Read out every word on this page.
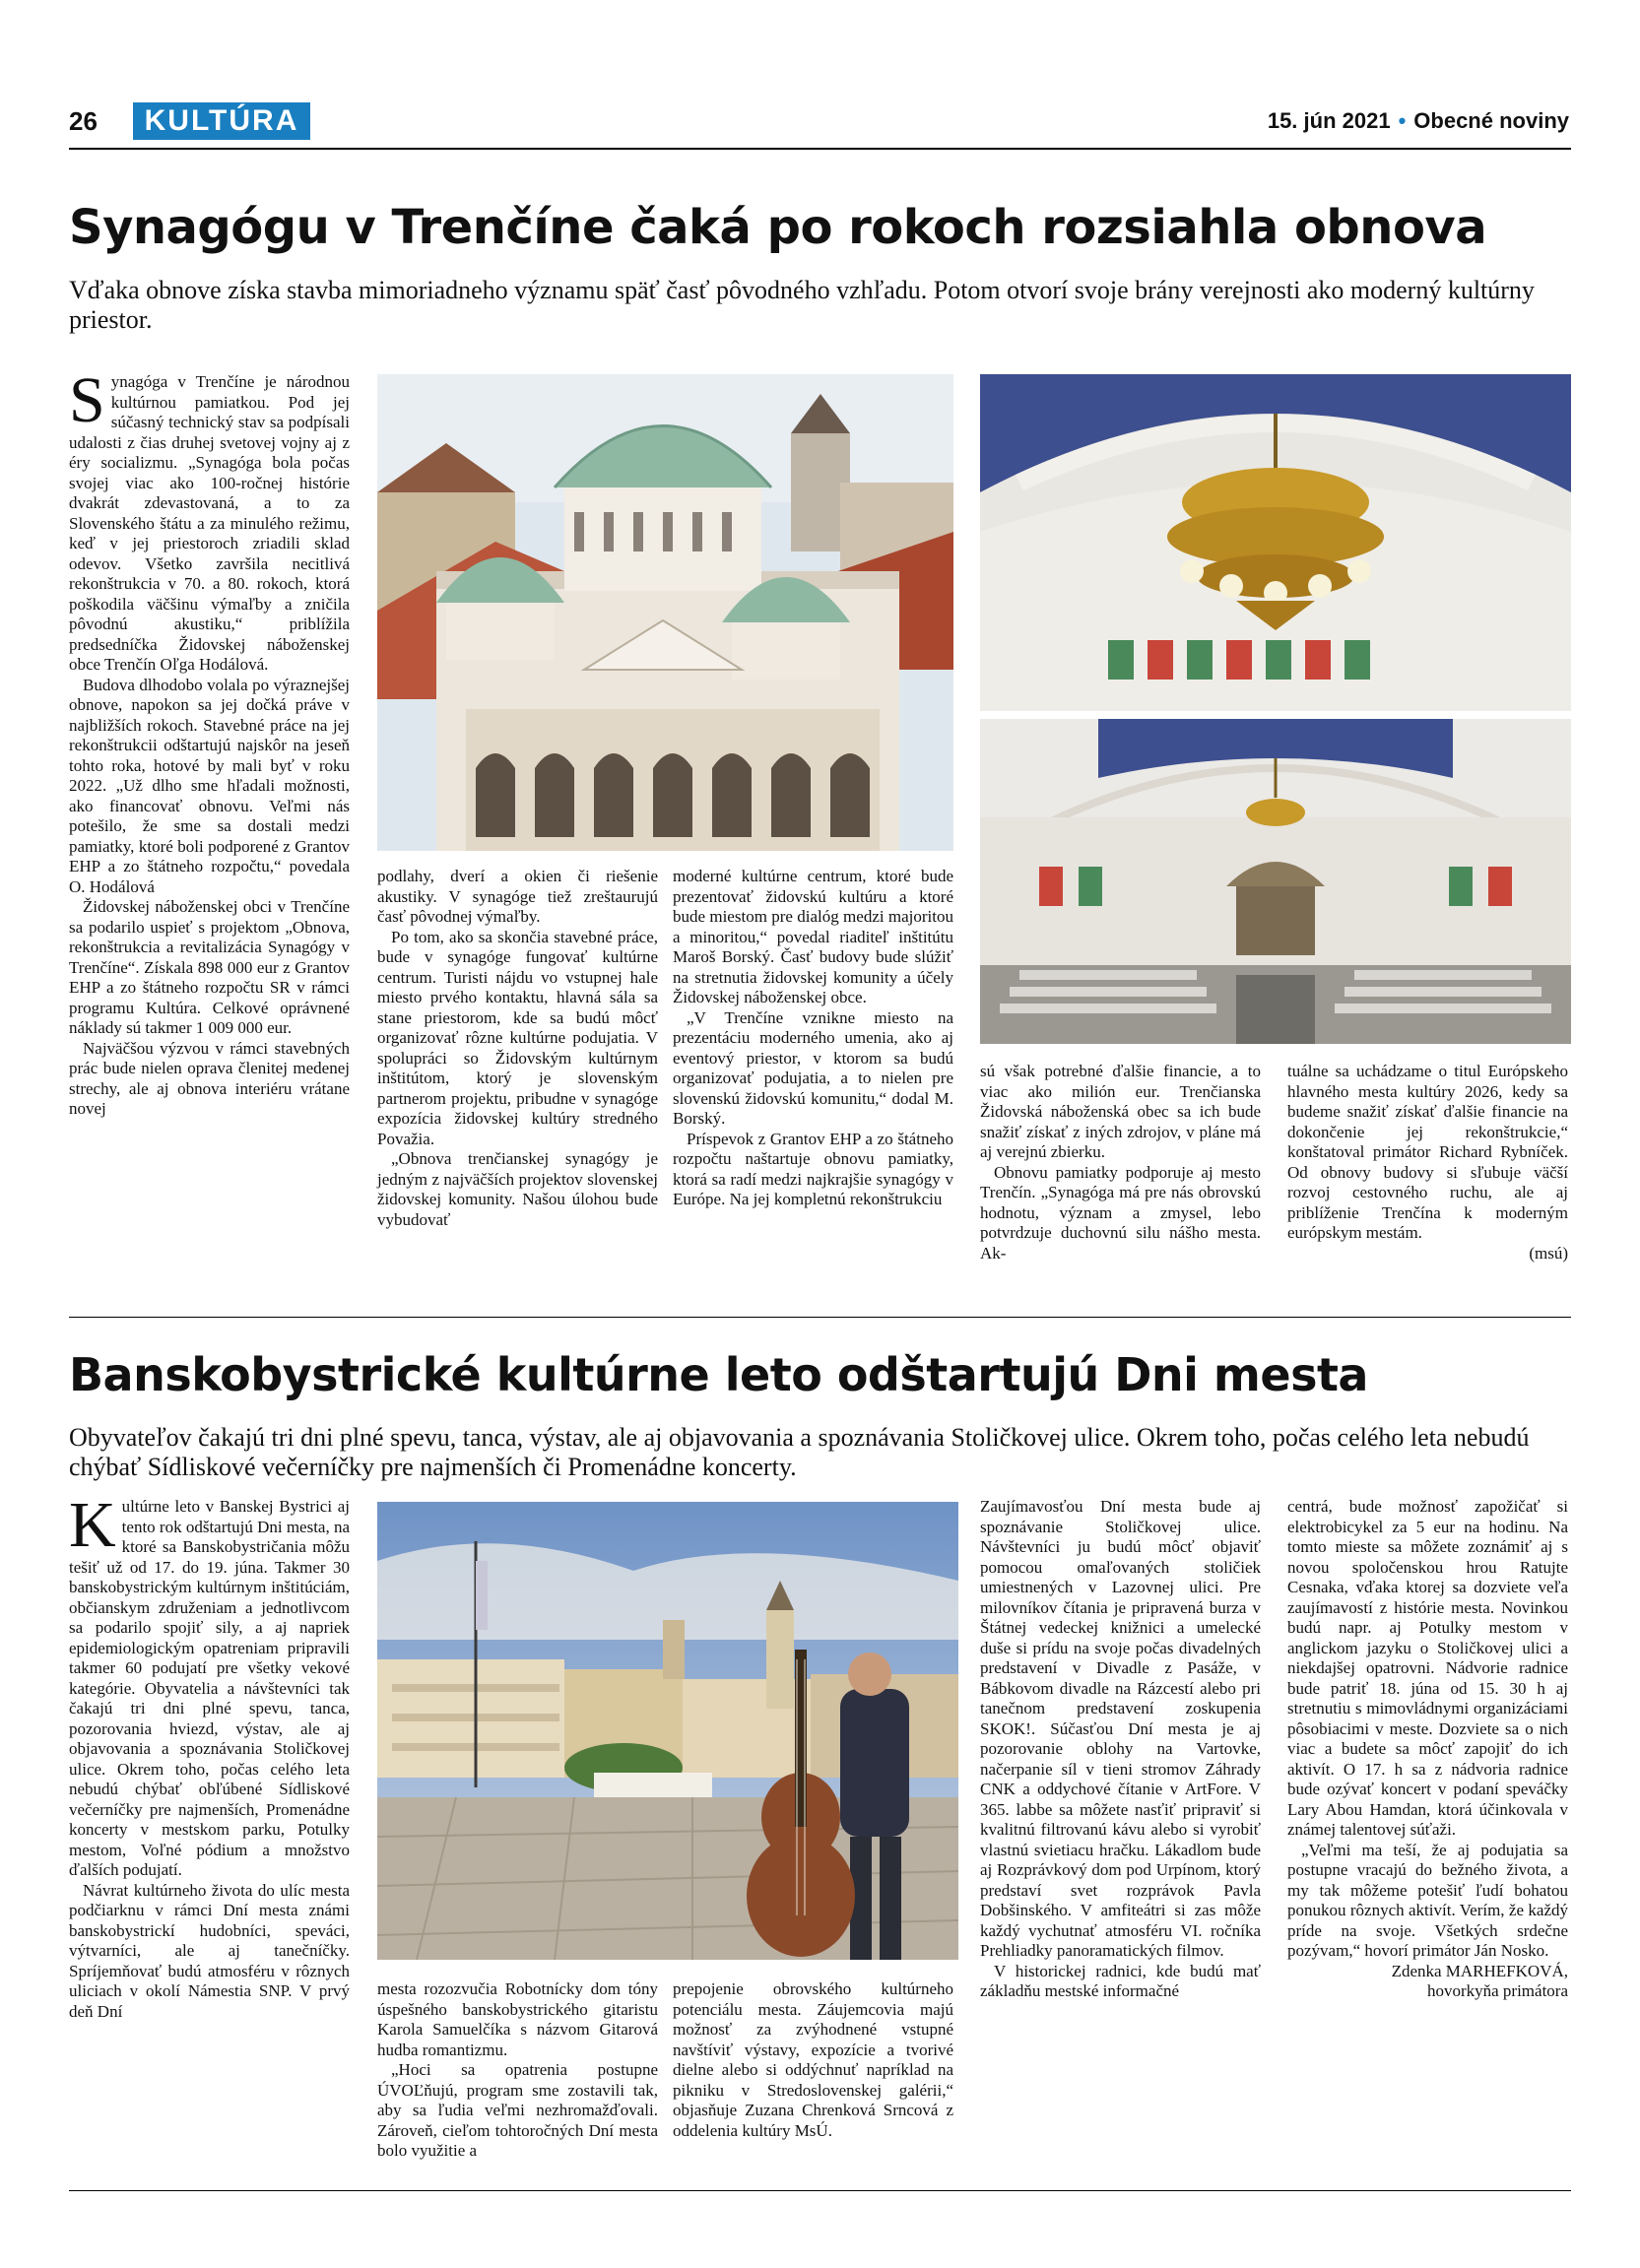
26	KULTÚRA	15. jún 2021 • Obecné noviny
Synagógu v Trenčíne čaká po rokoch rozsiahla obnova
Vďaka obnove získa stavba mimoriadneho významu späť časť pôvodného vzhľadu. Potom otvorí svoje brány verejnosti ako moderný kultúrny priestor.

Synagóga v Trenčíne je národnou kultúrnou pamiatkou. Pod jej súčasný technický stav sa podpísali udalosti z čias druhej svetovej vojny aj z éry socializmu. „Synagóga bola počas svojej viac ako 100-ročnej histórie dvakrát zdevastovaná, a to za Slovenského štátu a za minulého režimu, keď v jej priestoroch zriadili sklad odevov. Všetko završila necitlivá rekonštrukcia v 70. a 80. rokoch, ktorá poškodila väčšinu výmaľby a zničila pôvodnú akustiku,“ priblížila predsedníčka Židovskej náboženskej obce Trenčín Oľga Hodálová.

Budova dlhodobo volala po výraznejšej obnove, napokon sa jej dočká práve v najbližších rokoch. Stavebné práce na jej rekonštrukcii odštartujú najskôr na jeseň tohto roka, hotové by mali byť v roku 2022. „Už dlho sme hľadali možnosti, ako financovať obnovu. Veľmi nás potešilo, že sme sa dostali medzi pamiatky, ktoré boli podporené z Grantov EHP a zo štátneho rozpočtu,“ povedala O. Hodálová

Židovskej náboženskej obci v Trenčíne sa podarilo uspieť s projektom „Obnova, rekonštrukcia a revitalizácia Synagógy v Trenčíne“. Získala 898 000 eur z Grantov EHP a zo štátneho rozpočtu SR v rámci programu Kultúra. Celkové oprávnené náklady sú takmer 1 009 000 eur.

Najväčšou výzvou v rámci stavebných prác bude nielen oprava členitej medenej strechy, ale aj obnova interiéru vrátane novej

podlahy, dverí a okien či riešenie akustiky. V synagóge tiež zreštaurujú časť pôvodnej výmaľby.

Po tom, ako sa skončia stavebné práce, bude v synagóge fungovať kultúrne centrum. Turisti nájdu vo vstupnej hale miesto prvého kontaktu, hlavná sála sa stane priestorom, kde sa budú môcť organizovať rôzne kultúrne podujatia. V spolupráci so Židovským kultúrnym inštitútom, ktorý je slovenským partnerom projektu, pribudne v synagóge expozícia židovskej kultúry stredného Považia.

„Obnova trenčianskej synagógy je jedným z najväčších projektov slovenskej židovskej komunity. Našou úlohou bude vybudovať

moderné kultúrne centrum, ktoré bude prezentovať židovskú kultúru a ktoré bude miestom pre dialóg medzi majoritou a minoritou,“ povedal riaditeľ inštitútu Maroš Borský. Časť budovy bude slúžiť na stretnutia židovskej komunity a účely Židovskej náboženskej obce.

„V Trenčíne vznikne miesto na prezentáciu moderného umenia, ako aj eventový priestor, v ktorom sa budú organizovať podujatia, a to nielen pre slovenskú židovskú komunitu,“ dodal M. Borský.

Príspevok z Grantov EHP a zo štátneho rozpočtu naštartuje obnovu pamiatky, ktorá sa radí medzi najkrajšie synagógy v Európe. Na jej kompletnú rekonštrukciu

sú však potrebné ďalšie financie, a to viac ako milión eur. Trenčianska Židovská náboženská obec sa ich bude snažiť získať z iných zdrojov, v pláne má aj verejnú zbierku.

Obnovu pamiatky podporuje aj mesto Trenčín. „Synagóga má pre nás obrovskú hodnotu, význam a zmysel, lebo potvrdzuje duchovnú silu nášho mesta. Ak-

tuálne sa uchádzame o titul Európskeho hlavného mesta kultúry 2026, kedy sa budeme snažiť získať ďalšie financie na dokončenie jej rekonštrukcie,“ konštatoval primátor Richard Rybníček. Od obnovy budovy si sľubuje väčší rozvoj cestovného ruchu, ale aj priblíženie Trenčína k moderným európskym mestám.

(msú)

Banskobystrické kultúrne leto odštartujú Dni mesta
Obyvateľov čakajú tri dni plné spevu, tanca, výstav, ale aj objavovania a spoznávania Stoličkovej ulice. Okrem toho, počas celého leta nebudú chýbať Sídliskové večerníčky pre najmenších či Promenádne koncerty.

Kultúrne leto v Banskej Bystrici aj tento rok odštartujú Dni mesta, na ktoré sa Banskobystričania môžu tešiť už od 17. do 19. júna. Takmer 30 banskobystrickým kultúrnym inštitúciám, občianskym združeniam a jednotlivcom sa podarilo spojiť sily, a aj napriek epidemiologickým opatreniam pripravili takmer 60 podujatí pre všetky vekové kategórie. Obyvatelia a návštevníci tak čakajú tri dni plné spevu, tanca, pozorovania hviezd, výstav, ale aj objavovania a spoznávania Stoličkovej ulice. Okrem toho, počas celého leta nebudú chýbať obľúbené Sídliskové večerníčky pre najmenších, Promenádne koncerty v mestskom parku, Potulky mestom, Voľné pódium a množstvo ďalších podujatí.

Návrat kultúrneho života do ulíc mesta podčiarknu v rámci Dní mesta známi banskobystrickí hudobníci, speváci, výtvarníci, ale aj tanečníčky. Spríjemňovať budú atmosféru v rôznych uliciach v okolí Námestia SNP. V prvý deň Dní

mesta rozozvučia Robotnícky dom tóny úspešného banskobystrického gitaristu Karola Samuelčíka s názvom Gitarová hudba romantizmu.

„Hoci sa opatrenia postupne ÚVOĽňujú, program sme zostavili tak, aby sa ľudia veľmi nezhromažďovali. Zároveň, cieľom tohtoročných Dní mesta bolo využitie a

prepojenie obrovského kultúrneho potenciálu mesta. Záujemcovia majú možnosť za zvýhodnené vstupné navštíviť výstavy, expozície a tvorivé dielne alebo si oddýchnuť napríklad na pikniku v Stredoslovenskej galérii,“ objasňuje Zuzana Chrenková Srncová z oddelenia kultúry MsÚ.

Zaujímavosťou Dní mesta bude aj spoznávanie Stoličkovej ulice. Návštevníci ju budú môcť objaviť pomocou omaľovaných stoličiek umiestnených v Lazovnej ulici. Pre milovníkov čítania je pripravená burza v Štátnej vedeckej knižnici a umelecké duše si prídu na svoje počas divadelných predstavení v Divadle z Pasáže, v Bábkovom divadle na Rázcestí alebo pri tanečnom predstavení zoskupenia SKOK!. Súčasťou Dní mesta je aj pozorovanie oblohy na Vartovke, načerpanie síl v tieni stromov Záhrady CNK a oddychové čítanie v ArtFore. V 365. labbe sa môžete nasťiť pripraviť si kvalitnú filtrovanú kávu alebo si vyrobiť vlastnú svietiacu hračku. Lákadlom bude aj Rozprávkový dom pod Urpínom, ktorý predstaví svet rozprávok Pavla Dobšinského. V amfiteátri si zas môže každý vychutnať atmosféru VI. ročníka Prehliadky panoramatických filmov.

V historickej radnici, kde budú mať základňu mestské informačné

centrá, bude možnosť zapožičať si elektrobicykel za 5 eur na hodinu. Na tomto mieste sa môžete zoznámiť aj s novou spoločenskou hrou Ratujte Cesnaka, vďaka ktorej sa dozviete veľa zaujímavostí z histórie mesta. Novinkou budú napr. aj Potulky mestom v anglickom jazyku o Stoličkovej ulici a niekdajšej opatrovni. Nádvorie radnice bude patriť 18. júna od 15. 30 h aj stretnutiu s mimovládnymi organizáciami pôsobiacimi v meste. Dozviete sa o nich viac a budete sa môcť zapojiť do ich aktivít. O 17. h sa z nádvoria radnice bude ozývať koncert v podaní speváčky Lary Abou Hamdan, ktorá účinkovala v známej talentovej súťaži.

„Veľmi ma teší, že aj podujatia sa postupne vracajú do bežného života, a my tak môžeme potešiť ľudí bohatou ponukou rôznych aktivít. Verím, že každý príde na svoje. Všetkých srdečne pozývam,“ hovorí primátor Ján Nosko.

Zdenka MARHEFKOVÁ,

hovorkyňa primátora
